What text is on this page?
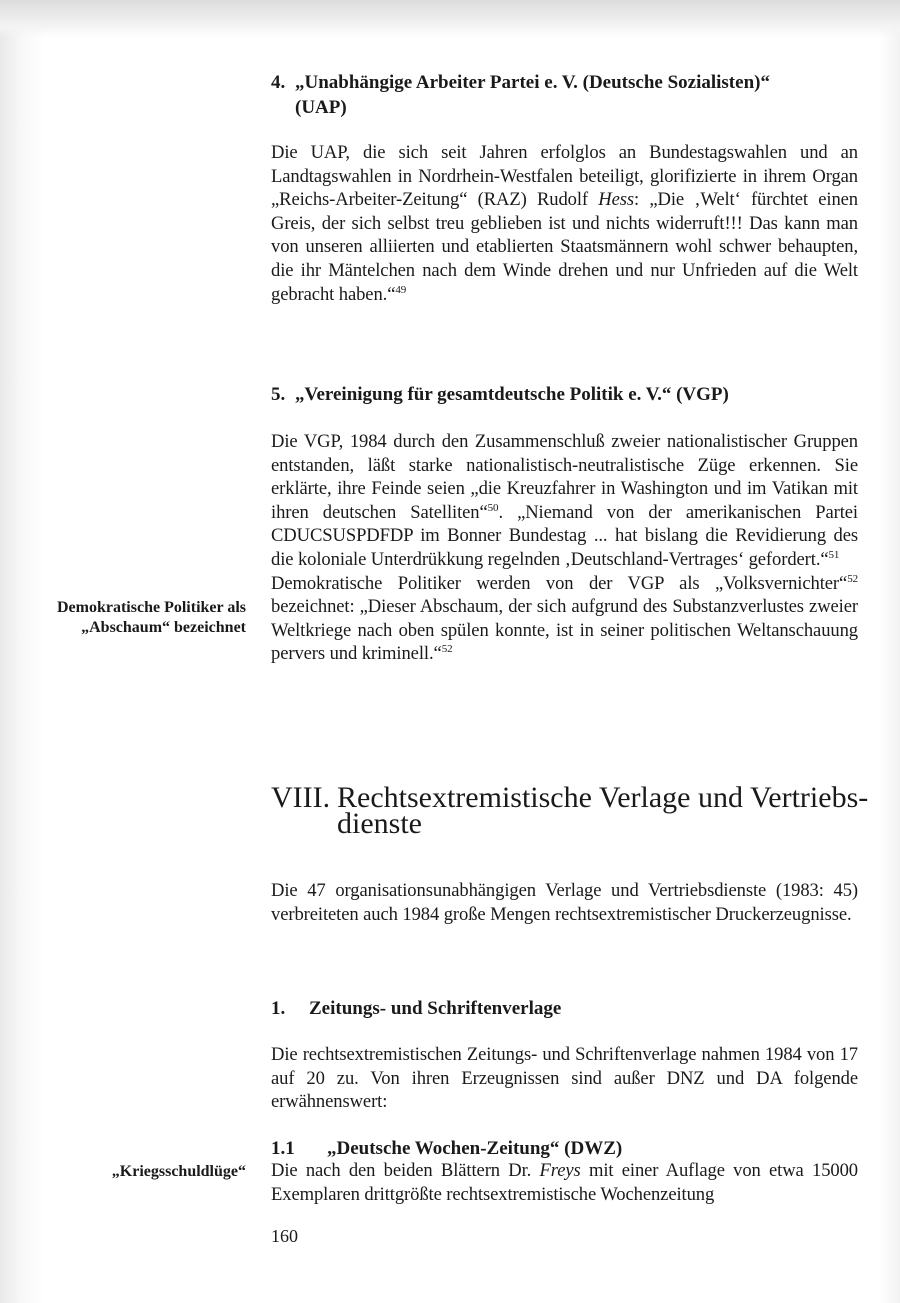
4. „Unabhängige Arbeiter Partei e. V. (Deutsche Sozialisten)“
(UAP)

Die UAP, die sich seit Jahren erfolglos an Bundestagswahlen und an Landtagswahlen in Nordrhein-Westfalen beteiligt, glorifizierte in ihrem Organ „Reichs-Arbeiter-Zeitung“ (RAZ) Rudolf Hess: „Die ‚Welt‘ fürchtet einen Greis, der sich selbst treu geblieben ist und nichts widerruft!!! Das kann man von unseren alliierten und etablierten Staatsmännern wohl schwer behaupten, die ihr Mäntelchen nach dem Winde drehen und nur Unfrieden auf die Welt gebracht haben.“$^{49}$

5. „Vereinigung für gesamtdeutsche Politik e. V.“ (VGP)

Die VGP, 1984 durch den Zusammenschluß zweier nationalistischer Gruppen entstanden, läßt starke nationalistisch-neutralistische Züge erkennen. Sie erklärte, ihre Feinde seien „die Kreuzfahrer in Washington und im Vatikan mit ihren deutschen Satelliten“$^{50}$. „Niemand von der amerikanischen Partei CDUCSUSPDFDP im Bonner Bundestag ... hat bislang die Revidierung des die koloniale Unterdrükkung regelnden ‚Deutschland-Vertrages‘ gefordert.“$^{51}$

Demokratische Politiker werden von der VGP als „Volksvernichter“$^{52}$ bezeichnet: „Dieser Abschaum, der sich aufgrund des Substanzverlustes zweier Weltkriege nach oben spülen konnte, ist in seiner politischen Weltanschauung pervers und kriminell.“$^{52}$

Demokratische Politiker als „Abschaum“ bezeichnet
VIII. Rechtsextremistische Verlage und Vertriebs-
dienste

Die 47 organisationsunabhängigen Verlage und Vertriebsdienste (1983: 45) verbreiteten auch 1984 große Mengen rechtsextremistischer Druckerzeugnisse.

1. Zeitungs- und Schriftenverlage

Die rechtsextremistischen Zeitungs- und Schriftenverlage nahmen 1984 von 17 auf 20 zu. Von ihren Erzeugnissen sind außer DNZ und DA folgende erwähnenswert:

1.1 „Deutsche Wochen-Zeitung“ (DWZ)

Die nach den beiden Blättern Dr. Freys mit einer Auflage von etwa 15000 Exemplaren drittgrößte rechtsextremistische Wochenzeitung

„Kriegsschuldlüge“
160
